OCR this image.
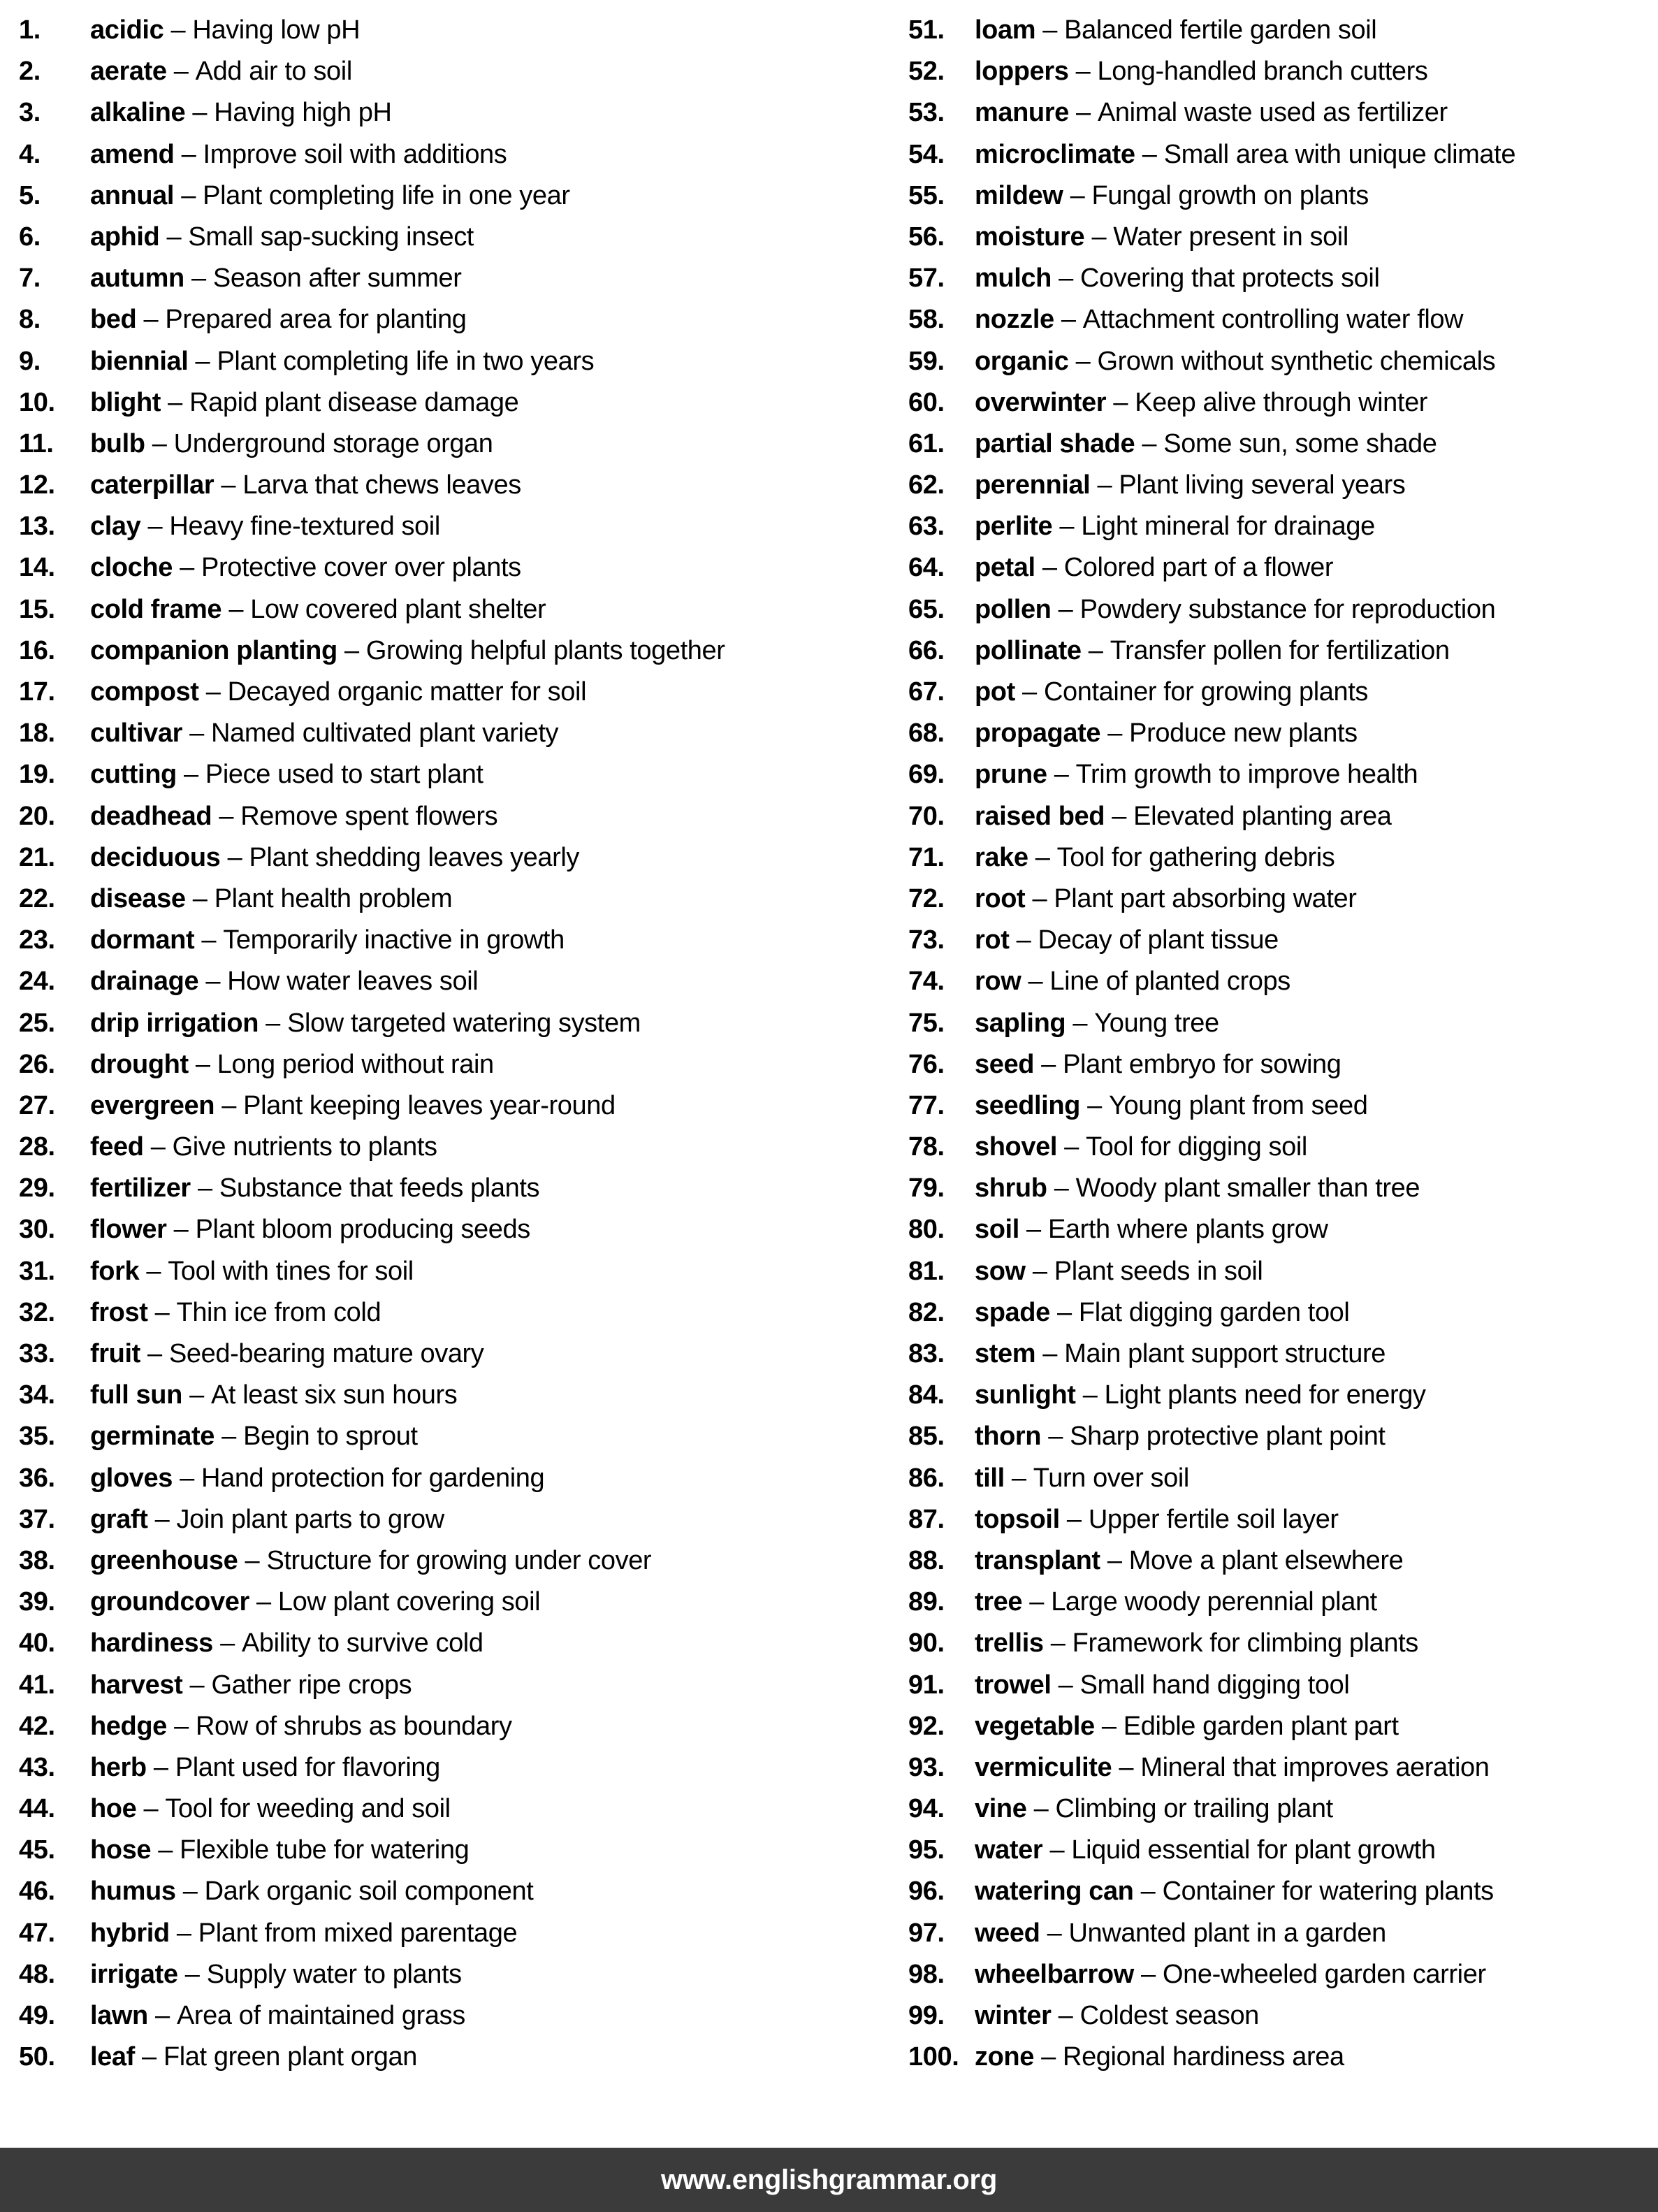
1.	acidic – Having low pH
2.	aerate – Add air to soil
3.	alkaline – Having high pH
4.	amend – Improve soil with additions
5.	annual – Plant completing life in one year
6.	aphid – Small sap-sucking insect
7.	autumn – Season after summer
8.	bed – Prepared area for planting
9.	biennial – Plant completing life in two years
10.	blight – Rapid plant disease damage
11.	bulb – Underground storage organ
12.	caterpillar – Larva that chews leaves
13.	clay – Heavy fine-textured soil
14.	cloche – Protective cover over plants
15.	cold frame – Low covered plant shelter
16.	companion planting – Growing helpful plants together
17.	compost – Decayed organic matter for soil
18.	cultivar – Named cultivated plant variety
19.	cutting – Piece used to start plant
20.	deadhead – Remove spent flowers
21.	deciduous – Plant shedding leaves yearly
22.	disease – Plant health problem
23.	dormant – Temporarily inactive in growth
24.	drainage – How water leaves soil
25.	drip irrigation – Slow targeted watering system
26.	drought – Long period without rain
27.	evergreen – Plant keeping leaves year-round
28.	feed – Give nutrients to plants
29.	fertilizer – Substance that feeds plants
30.	flower – Plant bloom producing seeds
31.	fork – Tool with tines for soil
32.	frost – Thin ice from cold
33.	fruit – Seed-bearing mature ovary
34.	full sun – At least six sun hours
35.	germinate – Begin to sprout
36.	gloves – Hand protection for gardening
37.	graft – Join plant parts to grow
38.	greenhouse – Structure for growing under cover
39.	groundcover – Low plant covering soil
40.	hardiness – Ability to survive cold
41.	harvest – Gather ripe crops
42.	hedge – Row of shrubs as boundary
43.	herb – Plant used for flavoring
44.	hoe – Tool for weeding and soil
45.	hose – Flexible tube for watering
46.	humus – Dark organic soil component
47.	hybrid – Plant from mixed parentage
48.	irrigate – Supply water to plants
49.	lawn – Area of maintained grass
50.	leaf – Flat green plant organ
51.	loam – Balanced fertile garden soil
52.	loppers – Long-handled branch cutters
53.	manure – Animal waste used as fertilizer
54.	microclimate – Small area with unique climate
55.	mildew – Fungal growth on plants
56.	moisture – Water present in soil
57.	mulch – Covering that protects soil
58.	nozzle – Attachment controlling water flow
59.	organic – Grown without synthetic chemicals
60.	overwinter – Keep alive through winter
61.	partial shade – Some sun, some shade
62.	perennial – Plant living several years
63.	perlite – Light mineral for drainage
64.	petal – Colored part of a flower
65.	pollen – Powdery substance for reproduction
66.	pollinate – Transfer pollen for fertilization
67.	pot – Container for growing plants
68.	propagate – Produce new plants
69.	prune – Trim growth to improve health
70.	raised bed – Elevated planting area
71.	rake – Tool for gathering debris
72.	root – Plant part absorbing water
73.	rot – Decay of plant tissue
74.	row – Line of planted crops
75.	sapling – Young tree
76.	seed – Plant embryo for sowing
77.	seedling – Young plant from seed
78.	shovel – Tool for digging soil
79.	shrub – Woody plant smaller than tree
80.	soil – Earth where plants grow
81.	sow – Plant seeds in soil
82.	spade – Flat digging garden tool
83.	stem – Main plant support structure
84.	sunlight – Light plants need for energy
85.	thorn – Sharp protective plant point
86.	till – Turn over soil
87.	topsoil – Upper fertile soil layer
88.	transplant – Move a plant elsewhere
89.	tree – Large woody perennial plant
90.	trellis – Framework for climbing plants
91.	trowel – Small hand digging tool
92.	vegetable – Edible garden plant part
93.	vermiculite – Mineral that improves aeration
94.	vine – Climbing or trailing plant
95.	water – Liquid essential for plant growth
96.	watering can – Container for watering plants
97.	weed – Unwanted plant in a garden
98.	wheelbarrow – One-wheeled garden carrier
99.	winter – Coldest season
100. zone – Regional hardiness area
www.englishgrammar.org
